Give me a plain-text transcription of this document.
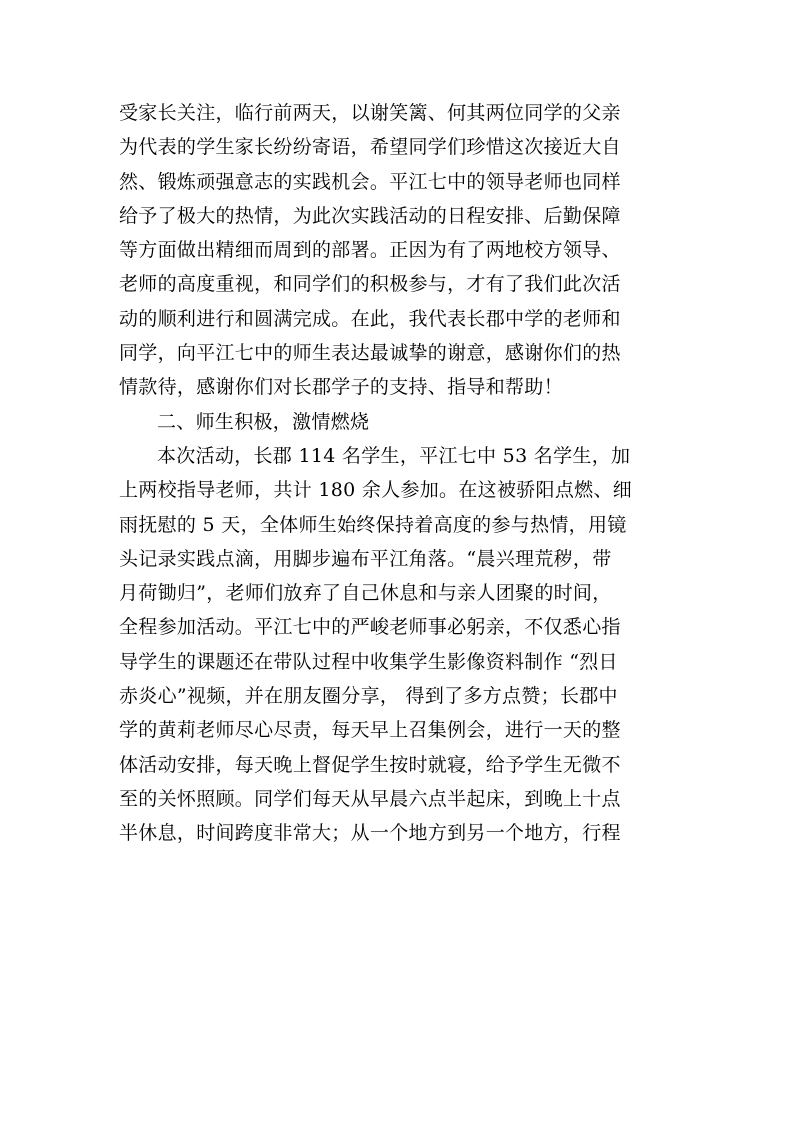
受家长关注，临行前两天，以谢笑篱、何其两位同学的父亲
为代表的学生家长纷纷寄语，希望同学们珍惜这次接近大自
然、锻炼顽强意志的实践机会。平江七中的领导老师也同样
给予了极大的热情，为此次实践活动的日程安排、后勤保障
等方面做出精细而周到的部署。正因为有了两地校方领导、
老师的高度重视，和同学们的积极参与，才有了我们此次活
动的顺利进行和圆满完成。在此，我代表长郡中学的老师和
同学，向平江七中的师生表达最诚挚的谢意，感谢你们的热
情款待，感谢你们对长郡学子的支持、指导和帮助！
二、师生积极，激情燃烧
本次活动，长郡 114 名学生，平江七中 53 名学生，加
上两校指导老师，共计 180 余人参加。在这被骄阳点燃、细
雨抚慰的 5 天，全体师生始终保持着高度的参与热情，用镜
头记录实践点滴，用脚步遍布平江角落。“晨兴理荒秽，带
月荷锄归”，老师们放弃了自己休息和与亲人团聚的时间，
全程参加活动。平江七中的严峻老师事必躬亲，不仅悉心指
导学生的课题还在带队过程中收集学生影像资料制作 “烈日
赤炎心”视频，并在朋友圈分享， 得到了多方点赞；长郡中
学的黄莉老师尽心尽责，每天早上召集例会，进行一天的整
体活动安排，每天晚上督促学生按时就寝，给予学生无微不
至的关怀照顾。同学们每天从早晨六点半起床，到晚上十点
半休息，时间跨度非常大；从一个地方到另一个地方，行程
